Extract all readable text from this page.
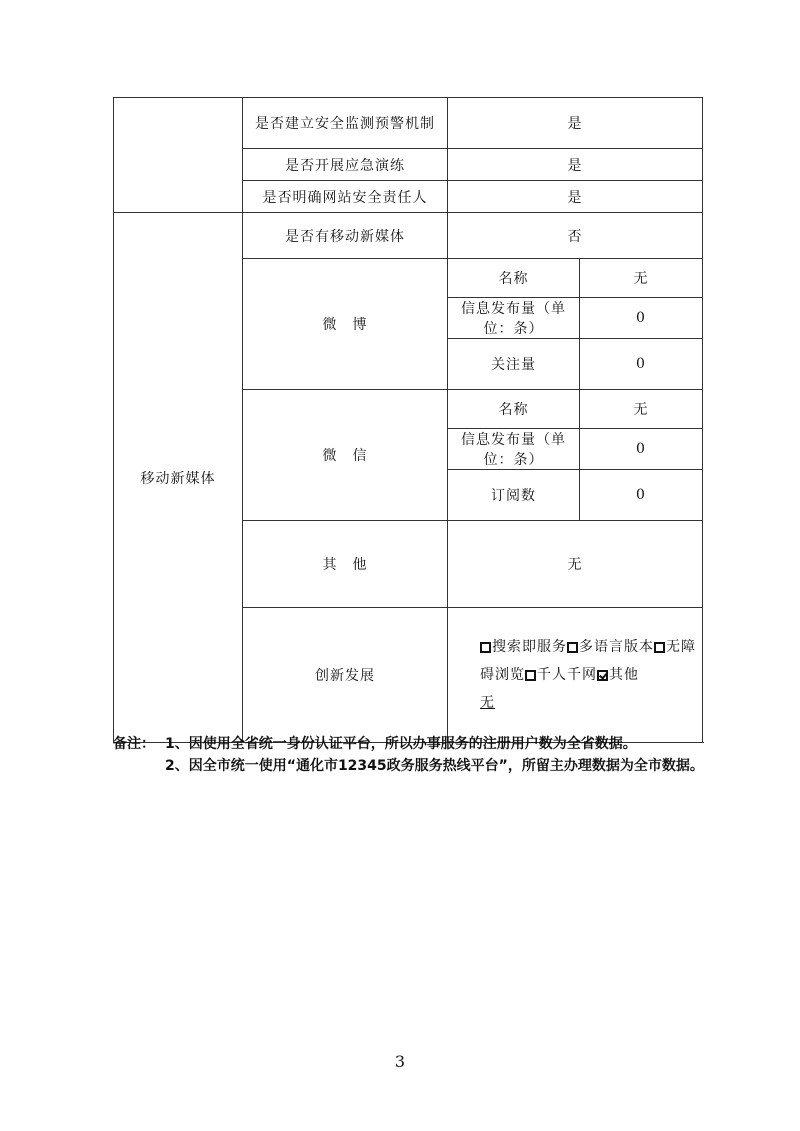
	是否建立安全监测预警机制	是	
	是否开展应急演练	是	
	是否明确网站安全责任人	是	
移动新媒体	是否有移动新媒体	否	
	微　博	名称	无
		信息发布量（单位：条）	0
		关注量	0
	微　信	名称	无
		信息发布量（单位：条）	0
		订阅数	0
	其　他	无	
	创新发展	搜索即服务 多语言版本 无障碍浏览 千人千网 其他
无	
备注： 1、因使用全省统一身份认证平台，所以办事服务的注册用户数为全省数据。
2、因全市统一使用“通化市12345政务服务热线平台”，所留主办理数据为全市数据。
3
